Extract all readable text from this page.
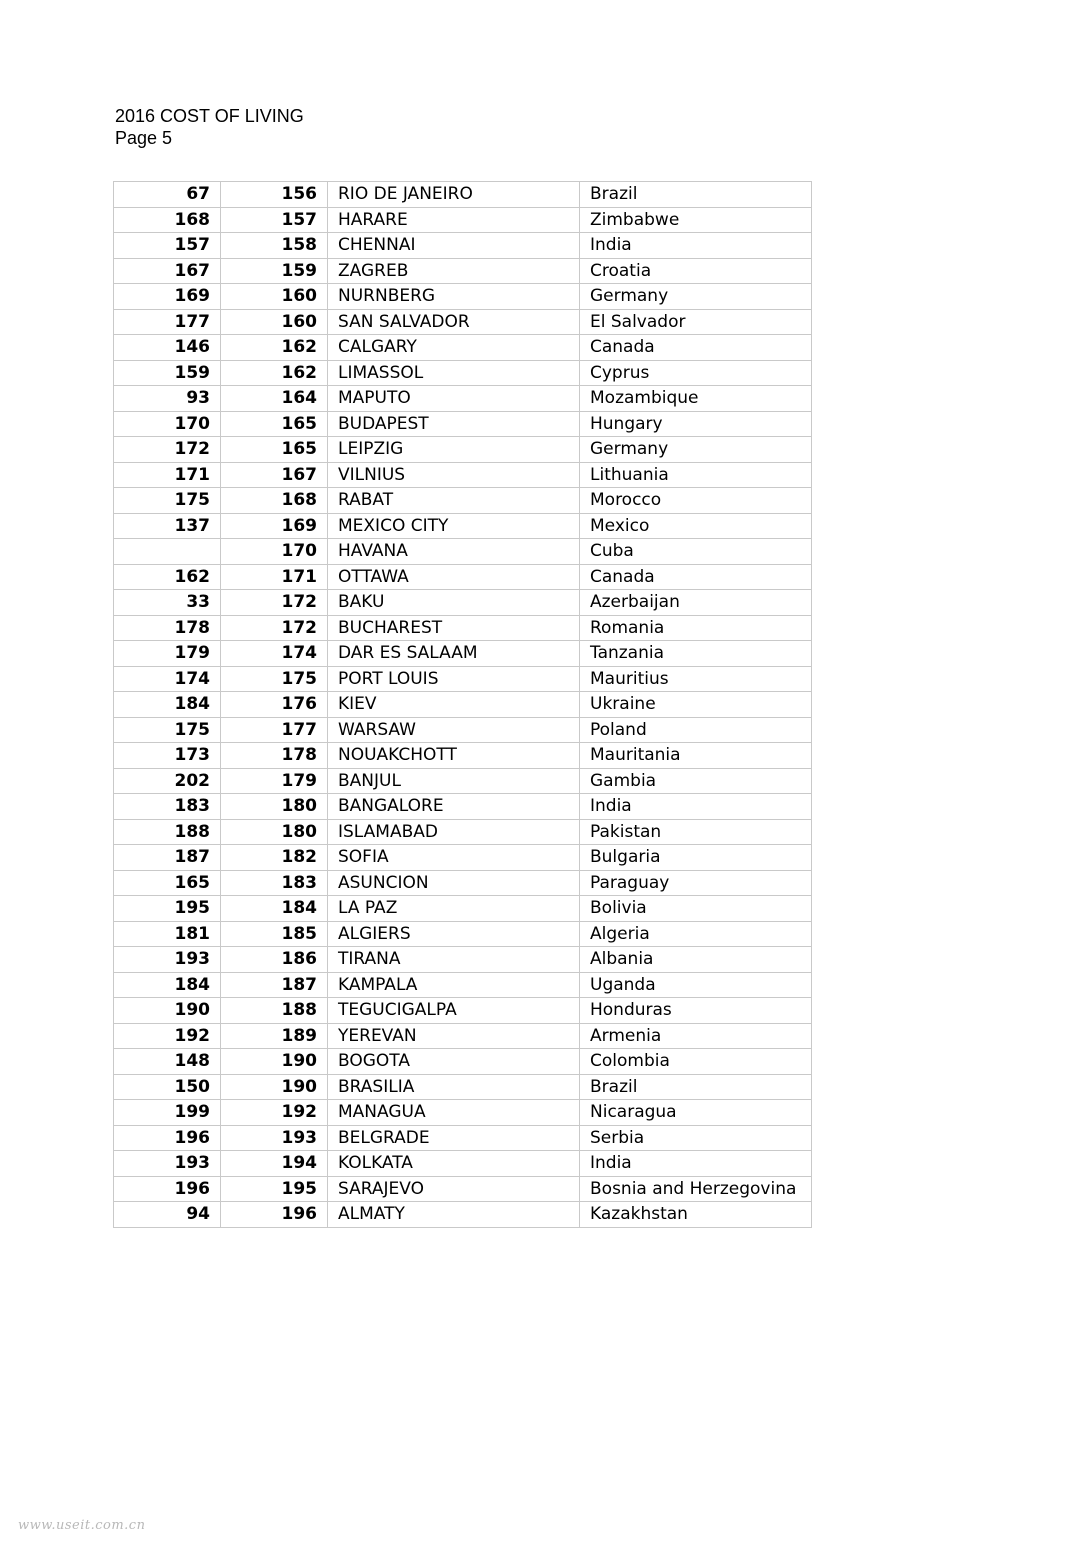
2016 COST OF LIVING
Page 5
67	156	RIO DE JANEIRO	Brazil
168	157	HARARE	Zimbabwe
157	158	CHENNAI	India
167	159	ZAGREB	Croatia
169	160	NURNBERG	Germany
177	160	SAN SALVADOR	El Salvador
146	162	CALGARY	Canada
159	162	LIMASSOL	Cyprus
93	164	MAPUTO	Mozambique
170	165	BUDAPEST	Hungary
172	165	LEIPZIG	Germany
171	167	VILNIUS	Lithuania
175	168	RABAT	Morocco
137	169	MEXICO CITY	Mexico
	170	HAVANA	Cuba
162	171	OTTAWA	Canada
33	172	BAKU	Azerbaijan
178	172	BUCHAREST	Romania
179	174	DAR ES SALAAM	Tanzania
174	175	PORT LOUIS	Mauritius
184	176	KIEV	Ukraine
175	177	WARSAW	Poland
173	178	NOUAKCHOTT	Mauritania
202	179	BANJUL	Gambia
183	180	BANGALORE	India
188	180	ISLAMABAD	Pakistan
187	182	SOFIA	Bulgaria
165	183	ASUNCION	Paraguay
195	184	LA PAZ	Bolivia
181	185	ALGIERS	Algeria
193	186	TIRANA	Albania
184	187	KAMPALA	Uganda
190	188	TEGUCIGALPA	Honduras
192	189	YEREVAN	Armenia
148	190	BOGOTA	Colombia
150	190	BRASILIA	Brazil
199	192	MANAGUA	Nicaragua
196	193	BELGRADE	Serbia
193	194	KOLKATA	India
196	195	SARAJEVO	Bosnia and Herzegovina
94	196	ALMATY	Kazakhstan
www.useit.com.cn
